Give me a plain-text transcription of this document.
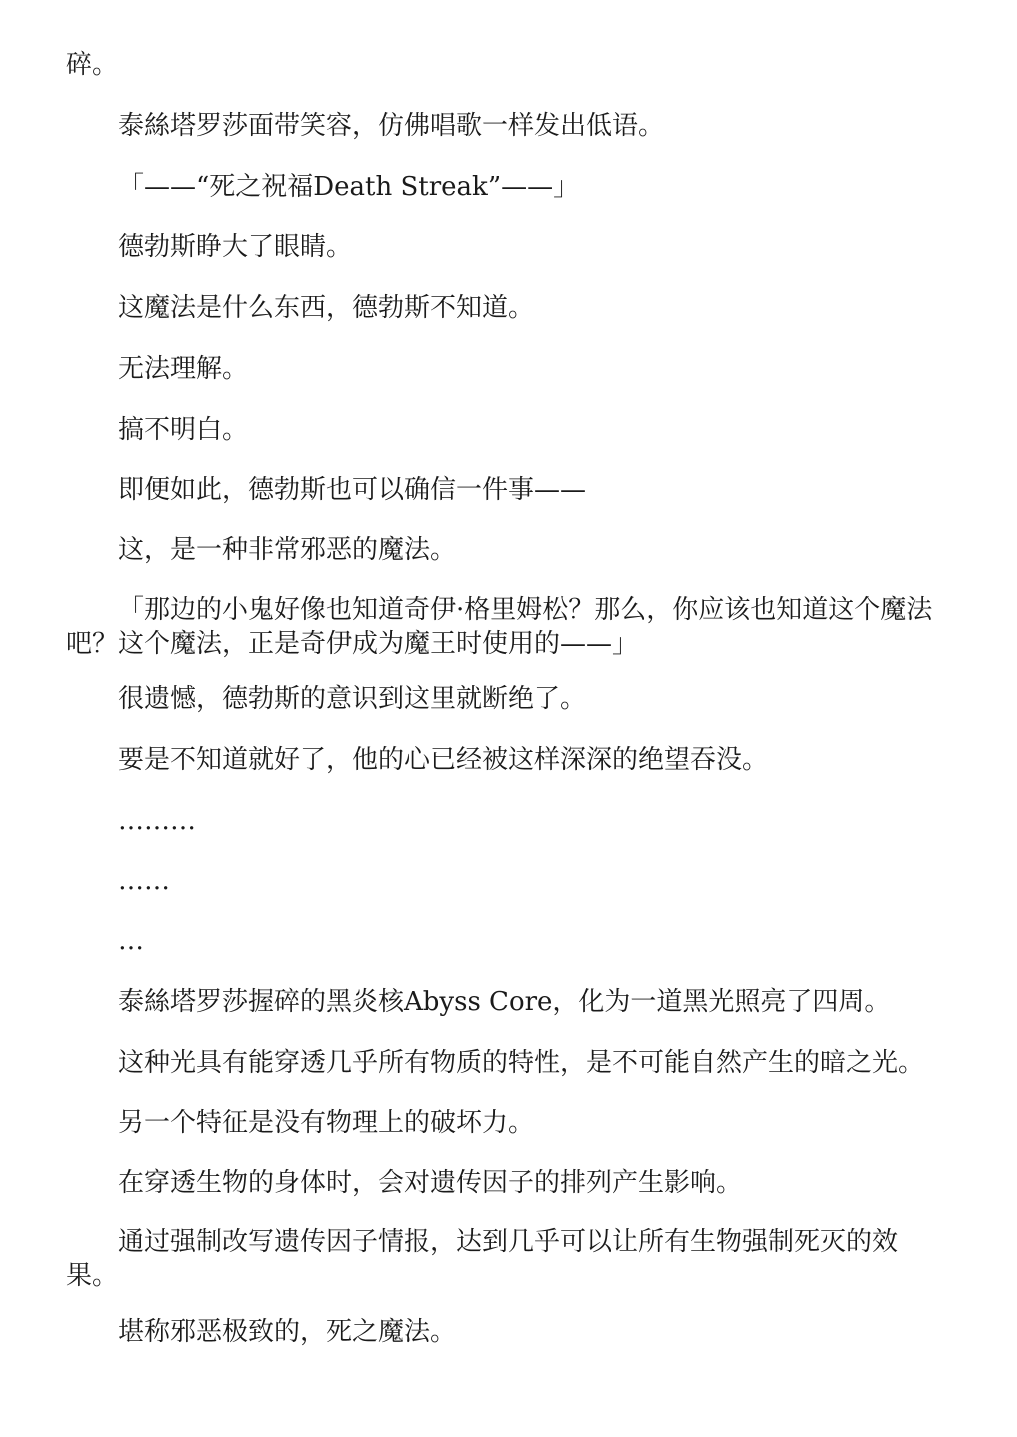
碎。

泰絲塔罗莎面带笑容，仿佛唱歌一样发出低语。

「——“死之祝福Death Streak”——」

德勃斯睁大了眼睛。

这魔法是什么东西，德勃斯不知道。

无法理解。

搞不明白。

即便如此，德勃斯也可以确信一件事——

这，是一种非常邪恶的魔法。

「那边的小鬼好像也知道奇伊·格里姆松？那么，你应该也知道这个魔法吧？这个魔法，正是奇伊成为魔王时使用的——」

很遗憾，德勃斯的意识到这里就断绝了。

要是不知道就好了，他的心已经被这样深深的绝望吞没。

………

……

…

泰絲塔罗莎握碎的黑炎核Abyss Core，化为一道黑光照亮了四周。

这种光具有能穿透几乎所有物质的特性，是不可能自然产生的暗之光。

另一个特征是没有物理上的破坏力。

在穿透生物的身体时，会对遗传因子的排列产生影响。

通过强制改写遗传因子情报，达到几乎可以让所有生物强制死灭的效果。

堪称邪恶极致的，死之魔法。
